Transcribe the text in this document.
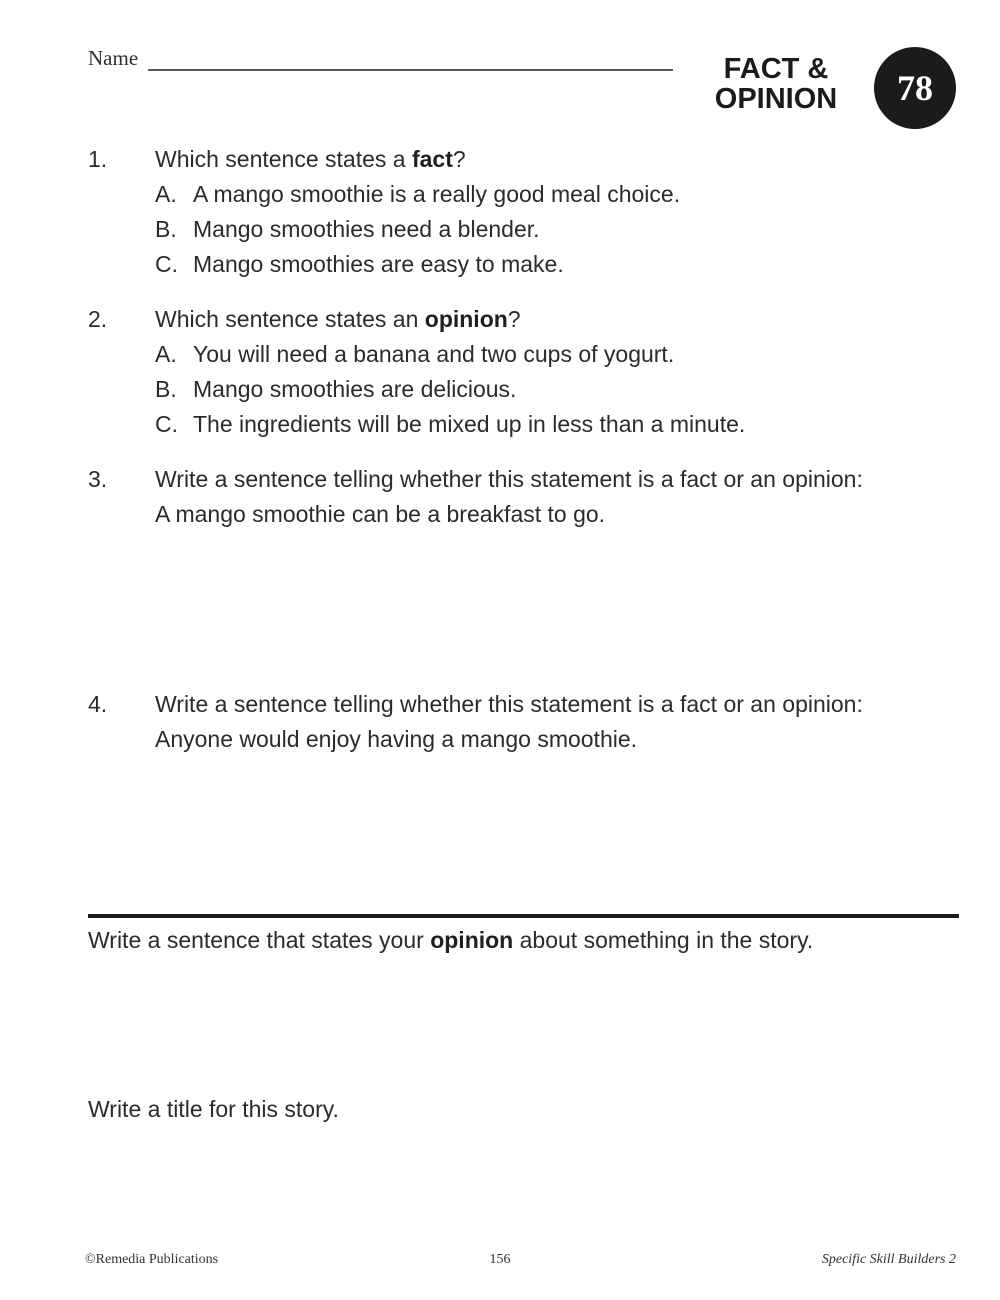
Name	FACT &
OPINION	78
1.	Which sentence states a fact?
A. A mango smoothie is a really good meal choice.
B. Mango smoothies need a blender.
C. Mango smoothies are easy to make.
2.	Which sentence states an opinion?
A. You will need a banana and two cups of yogurt.
B. Mango smoothies are delicious.
C. The ingredients will be mixed up in less than a minute.
3.	Write a sentence telling whether this statement is a fact or an opinion:
A mango smoothie can be a breakfast to go.
4.	Write a sentence telling whether this statement is a fact or an opinion:
Anyone would enjoy having a mango smoothie.
Write a sentence that states your opinion about something in the story.
Write a title for this story.
156
©Remedia Publications	Specific Skill Builders 2
